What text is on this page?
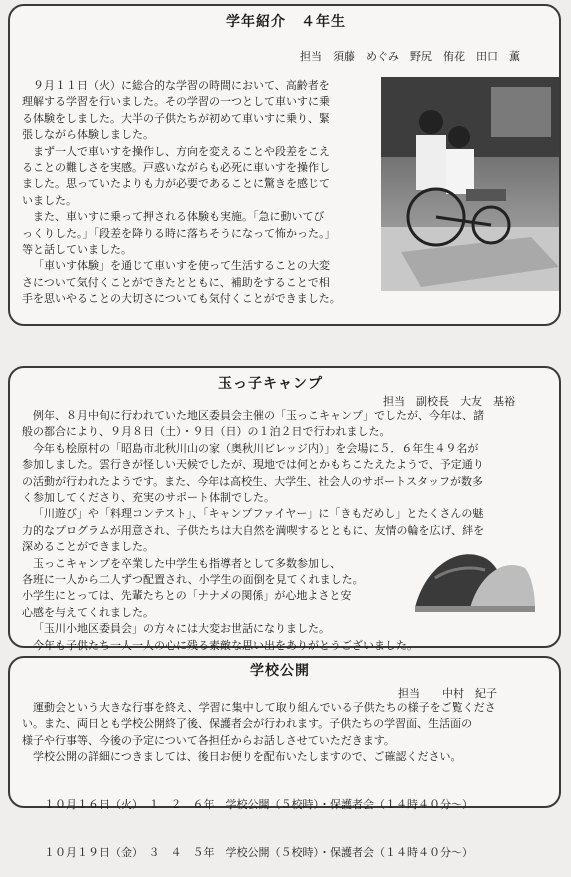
学年紹介　４年生
担当　須藤　めぐみ　野尻　侑花　田口　薫

９月１１日（火）に総合的な学習の時間において、高齢者を

理解する学習を行いました。その学習の一つとして車いすに乗

る体験をしました。大半の子供たちが初めて車いすに乗り、緊

張しながら体験しました。

まず一人で車いすを操作し、方向を変えることや段差をこえ

ることの難しさを実感。戸惑いながらも必死に車いすを操作し

ました。思っていたよりも力が必要であることに驚きを感じて

いました。

また、車いすに乗って押される体験も実施。「急に動いてび

っくりした。」「段差を降りる時に落ちそうになって怖かった。」

等と話していました。

「車いす体験」を通じて車いすを使って生活することの大変

さについて気付くことができたとともに、補助をすることで相

手を思いやることの大切さについても気付くことができました。

玉っ子キャンプ
担当　副校長　大友　基裕

例年、８月中旬に行われていた地区委員会主催の「玉っこキャンプ」でしたが、今年は、諸

般の都合により、９月８日（土）・９日（日）の１泊２日で行われました。

今年も桧原村の「昭島市北秋川山の家（奥秋川ビレッジ内）」を会場に５．６年生４９名が

参加しました。雲行きが怪しい天候でしたが、現地では何とかもちこたえたようで、予定通り

の活動が行われたようです。また、今年は高校生、大学生、社会人のサポートスタッフが数多

く参加してくださり、充実のサポート体制でした。

「川遊び」や「料理コンテスト」、「キャンプファイヤー」に「きもだめし」とたくさんの魅

力的なプログラムが用意され、子供たちは大自然を満喫するとともに、友情の輪を広げ、絆を

深めることができました。

玉っこキャンプを卒業した中学生も指導者として多数参加し、

各班に一人から二人ずつ配置され、小学生の面倒を見てくれました。

小学生にとっては、先輩たちとの「ナナメの関係」が心地よさと安

心感を与えてくれました。

「玉川小地区委員会」の方々には大変お世話になりました。

今年も子供たち一人一人の心に残る素敵な思い出をありがとうございました。

学校公開
担当　　中村　紀子

運動会という大きな行事を終え、学習に集中して取り組んでいる子供たちの様子をご覧くださ

い。また、両日とも学校公開終了後、保護者会が行われます。子供たちの学習面、生活面の

様子や行事等、今後の予定について各担任からお話しさせていただきます。

学校公開の詳細につきましては、後日お便りを配布いたしますので、ご確認ください。

１０月１６日（火）　１　２　６年　学校公開（５校時）・保護者会（１４時４０分～）

１０月１９日（金）　３　４　５年　学校公開（５校時）・保護者会（１４時４０分～）
